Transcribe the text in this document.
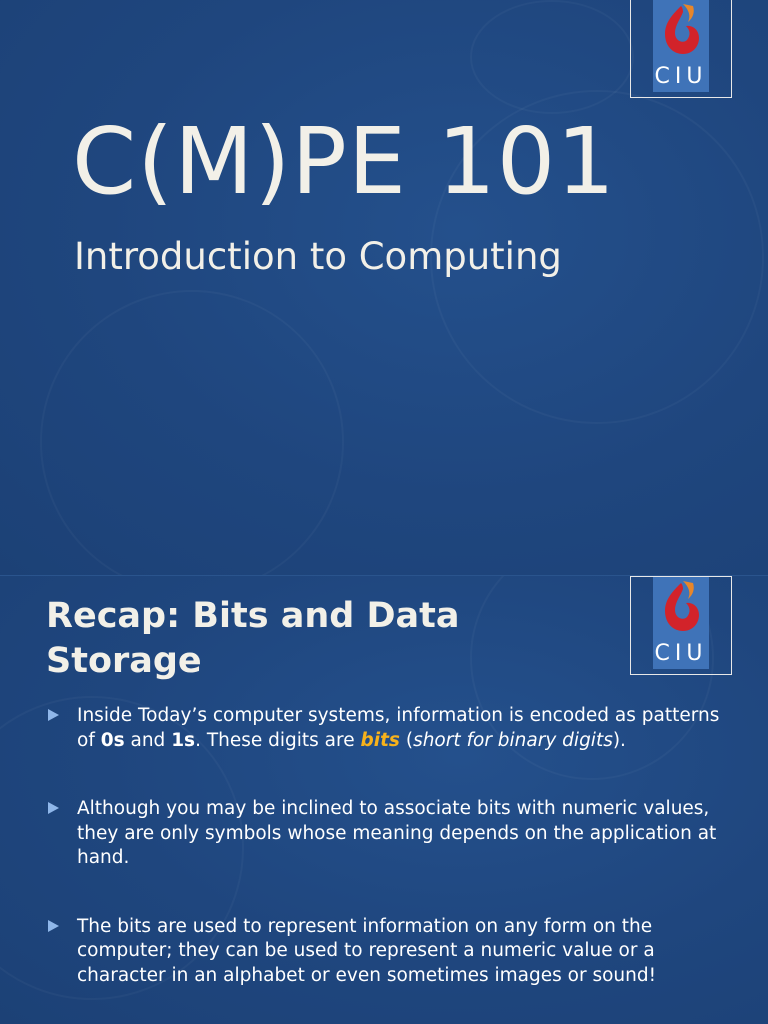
CIU
C(M)PE 101
Introduction to Computing
CIU
Recap: Bits and Data
Storage
Inside Today’s computer systems, information is encoded as patterns of 0s and 1s. These digits are bits (short for binary digits).
Although you may be inclined to associate bits with numeric values, they are only symbols whose meaning depends on the application at hand.
The bits are used to represent information on any form on the computer; they can be used to represent a numeric value or a character in an alphabet or even sometimes images or sound!
